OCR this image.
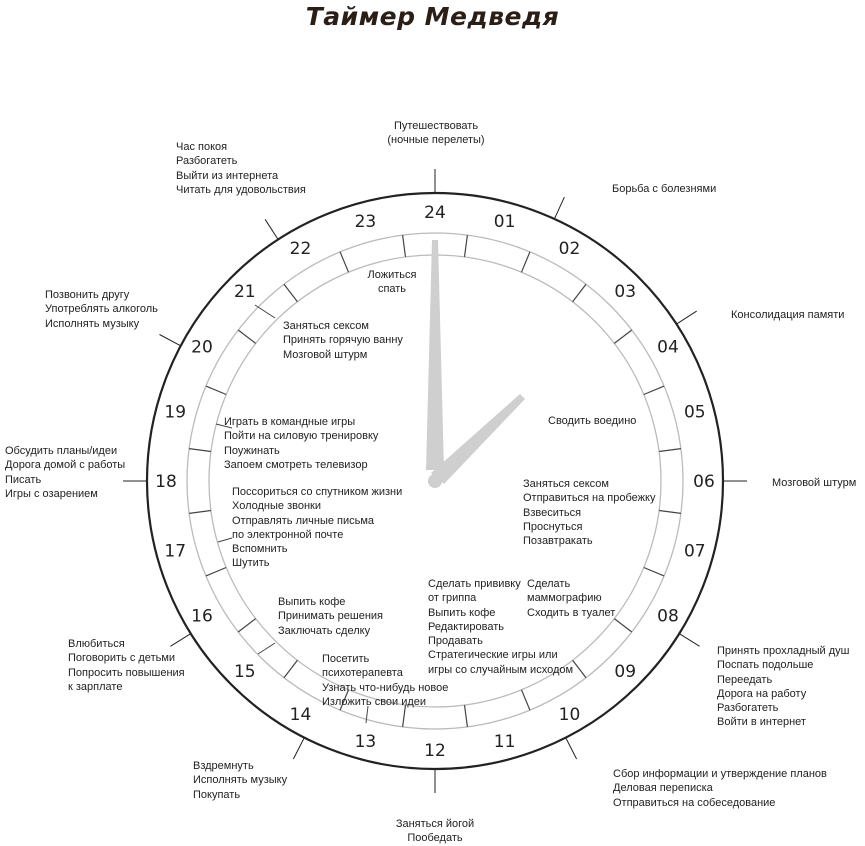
Таймер Медведя
24	01
02
03
04
05
06
07
08
09
10
11
12
13
14
15
16
17
18
19
20
21
22
23
Путешествовать
(ночные перелеты)
Борьба с болезнями
Консолидация памяти
Мозговой штурм
Принять прохладный душ
Поспать подольше
Переедать
Дорога на работу
Разбогатеть
Войти в интернет
Сбор информации и утверждение планов
Деловая переписка
Отправиться на собеседование
Заняться йогой
Пообедать
Вздремнуть
Исполнять музыку
Покупать
Влюбиться
Поговорить с детьми
Попросить повышения
к зарплате
Обсудить планы/идеи
Дорога домой с работы
Писать
Игры с озарением
Позвонить другу
Употреблять алкоголь
Исполнять музыку
Час покоя
Разбогатеть
Выйти из интернета
Читать для удовольствия
Ложиться
спать
Заняться сексом
Принять горячую ванну
Мозговой штурм
Играть в командные игры
Пойти на силовую тренировку
Поужинать
Запоем смотреть телевизор
Поссориться со спутником жизни
Холодные звонки
Отправлять личные письма
по электронной почте
Вспомнить
Шутить
Выпить кофе
Принимать решения
Заключать сделку
Посетить
психотерапевта
Узнать что-нибудь новое
Изложить свои идеи
Сделать прививку
от гриппа
Выпить кофе
Редактировать
Продавать
Стратегические игры или
игры со случайным исходом
Сделать
маммографию
Сходить в туалет
Сводить воедино
Заняться сексом
Отправиться на пробежку
Взвеситься
Проснуться
Позавтракать
